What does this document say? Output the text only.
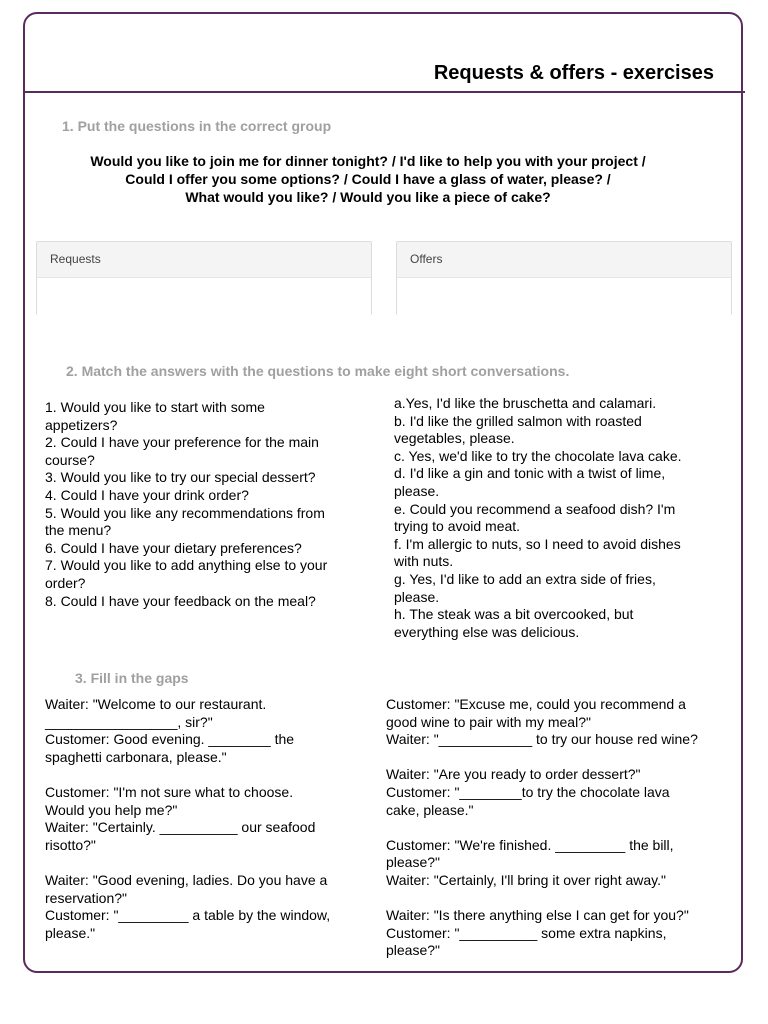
Requests & offers - exercises
1. Put the questions in the correct group
Would you like to join me for dinner tonight? / I'd like to help you with your project /
Could I offer you some options? / Could I have a glass of water, please? /
What would you like? / Would you like a piece of cake?
Requests	Offers
2. Match the answers with the questions to make eight short conversations.
1. Would you like to start with some
appetizers?
2. Could I have your preference for the main
course?
3. Would you like to try our special dessert?
4. Could I have your drink order?
5. Would you like any recommendations from
the menu?
6. Could I have your dietary preferences?
7. Would you like to add anything else to your
order?
8. Could I have your feedback on the meal?
a.Yes, I'd like the bruschetta and calamari.
b. I'd like the grilled salmon with roasted
vegetables, please.
c. Yes, we'd like to try the chocolate lava cake.
d. I'd like a gin and tonic with a twist of lime,
please.
e. Could you recommend a seafood dish? I'm
trying to avoid meat.
f. I'm allergic to nuts, so I need to avoid dishes
with nuts.
g. Yes, I'd like to add an extra side of fries,
please.
h. The steak was a bit overcooked, but
everything else was delicious.
3. Fill in the gaps
Waiter: "Welcome to our restaurant.
_________________, sir?"
Customer: Good evening. ________ the
spaghetti carbonara, please."
Customer: "I'm not sure what to choose.
Would you help me?"
Waiter: "Certainly. __________ our seafood
risotto?"
Waiter: "Good evening, ladies. Do you have a
reservation?"
Customer: "_________ a table by the window,
please."
Customer: "Excuse me, could you recommend a
good wine to pair with my meal?"
Waiter: "____________ to try our house red wine?
Waiter: "Are you ready to order dessert?"
Customer: "________to try the chocolate lava
cake, please."
Customer: "We're finished. _________ the bill,
please?"
Waiter: "Certainly, I'll bring it over right away."
Waiter: "Is there anything else I can get for you?"
Customer: "__________ some extra napkins,
please?"
